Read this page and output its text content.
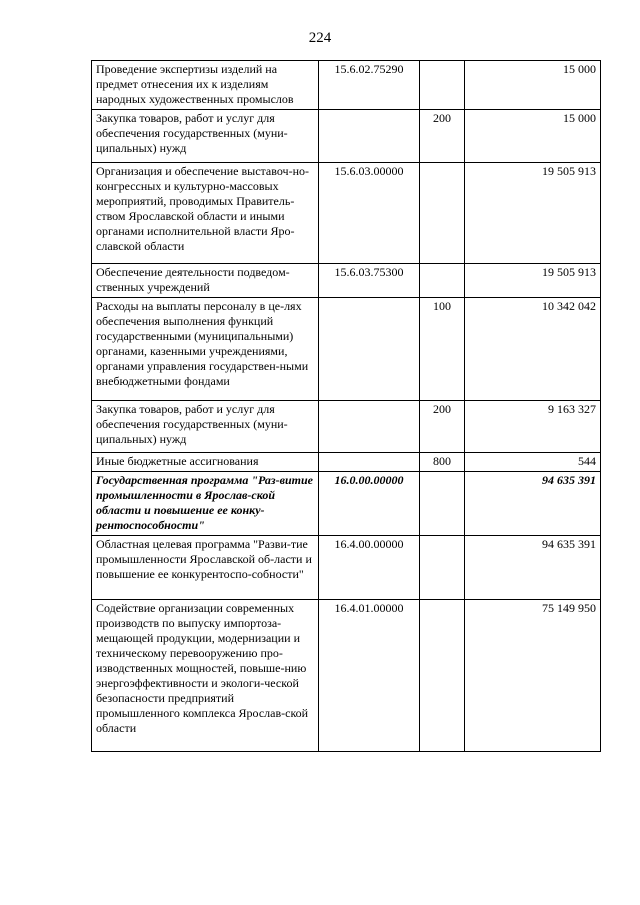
224
Проведение экспертизы изделий на предмет отнесения их к изделиям народных художественных промыслов	15.6.02.75290		15 000

Закупка товаров, работ и услуг для обеспечения государственных (муни-ципальных) нужд		200	15 000

Организация и обеспечение выставоч-но-конгрессных и культурно-массовых мероприятий, проводимых Правитель-ством Ярославской области и иными органами исполнительной власти Яро-славской области	15.6.03.00000		19 505 913

Обеспечение деятельности подведом-ственных учреждений	15.6.03.75300		19 505 913

Расходы на выплаты персоналу в це-лях обеспечения выполнения функций государственными (муниципальными) органами, казенными учреждениями, органами управления государствен-ными внебюджетными фондами		100	10 342 042

Закупка товаров, работ и услуг для обеспечения государственных (муни-ципальных) нужд		200	9 163 327

Иные бюджетные ассигнования		800	544

Государственная программа "Раз-витие промышленности в Ярослав-ской области и повышение ее конку-рентоспособности"	16.0.00.00000		94 635 391

Областная целевая программа "Разви-тие промышленности Ярославской об-ласти и повышение ее конкурентоспо-собности"	16.4.00.00000		94 635 391

Содействие организации современных производств по выпуску импортоза-мещающей продукции, модернизации и техническому перевооружению про-изводственных мощностей, повыше-нию энергоэффективности и экологи-ческой безопасности предприятий промышленного комплекса Ярослав-ской области	16.4.01.00000		75 149 950
